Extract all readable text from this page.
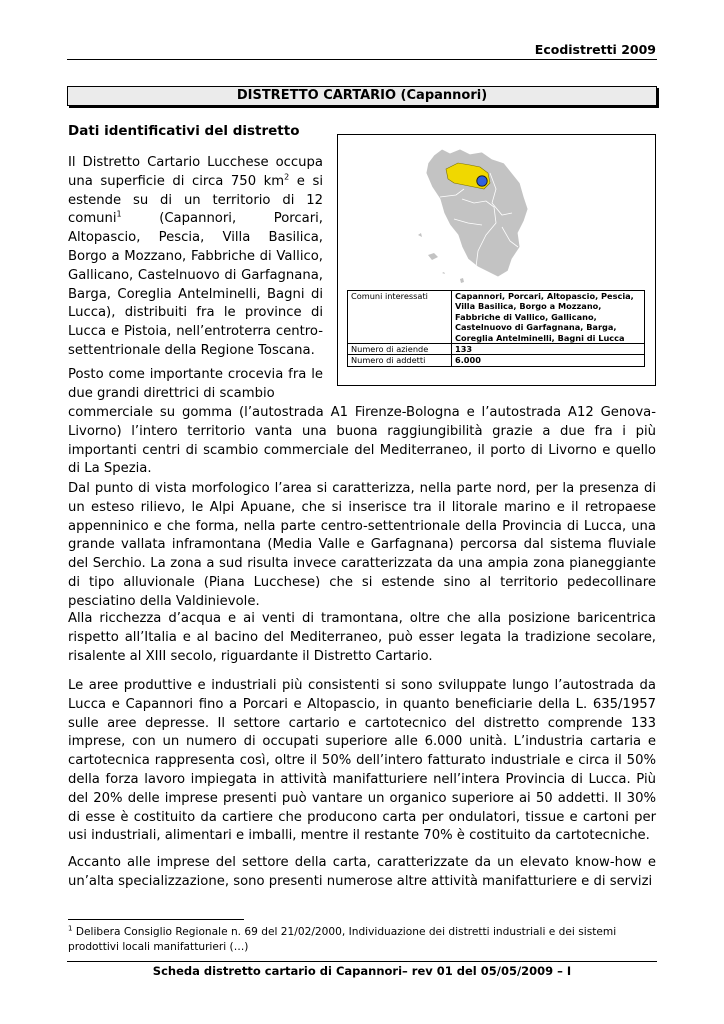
Ecodistretti 2009
DISTRETTO CARTARIO (Capannori)
Dati identificativi del distretto

Il Distretto Cartario Lucchese occupa una superficie di circa 750 $km^2$ e si estende su di un territorio di 12 comuni$^1$ (Capannori, Porcari, Altopascio, Pescia, Villa Basilica, Borgo a Mozzano, Fabbriche di Vallico, Gallicano, Castelnuovo di Garfagnana, Barga, Coreglia Antelminelli, Bagni di Lucca), distribuiti fra le province di Lucca e Pistoia, nell’entroterra centro-settentrionale della Regione Toscana.

Comuni interessati	Capannori, Porcari, Altopascio, Pescia, Villa Basilica, Borgo a Mozzano, Fabbriche di Vallico, Gallicano, Castelnuovo di Garfagnana, Barga, Coreglia Antelminelli, Bagni di Lucca
Numero di aziende	133
Numero di addetti	6.000

Posto come importante crocevia fra le due grandi direttrici di scambio

commerciale su gomma (l’autostrada A1 Firenze-Bologna e l’autostrada A12 Genova-Livorno) l’intero territorio vanta una buona raggiungibilità grazie a due fra i più importanti centri di scambio commerciale del Mediterraneo, il porto di Livorno e quello di La Spezia.

Dal punto di vista morfologico l’area si caratterizza, nella parte nord, per la presenza di un esteso rilievo, le Alpi Apuane, che si inserisce tra il litorale marino e il retropaese appenninico e che forma, nella parte centro-settentrionale della Provincia di Lucca, una grande vallata inframontana (Media Valle e Garfagnana) percorsa dal sistema fluviale del Serchio. La zona a sud risulta invece caratterizzata da una ampia zona pianeggiante di tipo alluvionale (Piana Lucchese) che si estende sino al territorio pedecollinare pesciatino della Valdinievole.

Alla ricchezza d’acqua e ai venti di tramontana, oltre che alla posizione baricentrica rispetto all’Italia e al bacino del Mediterraneo, può esser legata la tradizione secolare, risalente al XIII secolo, riguardante il Distretto Cartario.

Le aree produttive e industriali più consistenti si sono sviluppate lungo l’autostrada da Lucca e Capannori fino a Porcari e Altopascio, in quanto beneficiarie della L. 635/1957 sulle aree depresse. Il settore cartario e cartotecnico del distretto comprende 133 imprese, con un numero di occupati superiore alle 6.000 unità. L’industria cartaria e cartotecnica rappresenta così, oltre il 50% dell’intero fatturato industriale e circa il 50% della forza lavoro impiegata in attività manifatturiere nell’intera Provincia di Lucca. Più del 20% delle imprese presenti può vantare un organico superiore ai 50 addetti. Il 30% di esse è costituito da cartiere che producono carta per ondulatori, tissue e cartoni per usi industriali, alimentari e imballi, mentre il restante 70% è costituito da cartotecniche.

Accanto alle imprese del settore della carta, caratterizzate da un elevato know-how e un’alta specializzazione, sono presenti numerose altre attività manifatturiere e di servizi

$^1$ Delibera Consiglio Regionale n. 69 del 21/02/2000, Individuazione dei distretti industriali e dei sistemi prodottivi locali manifatturieri (…)

Scheda distretto cartario di Capannori– rev 01 del 05/05/2009 – I
